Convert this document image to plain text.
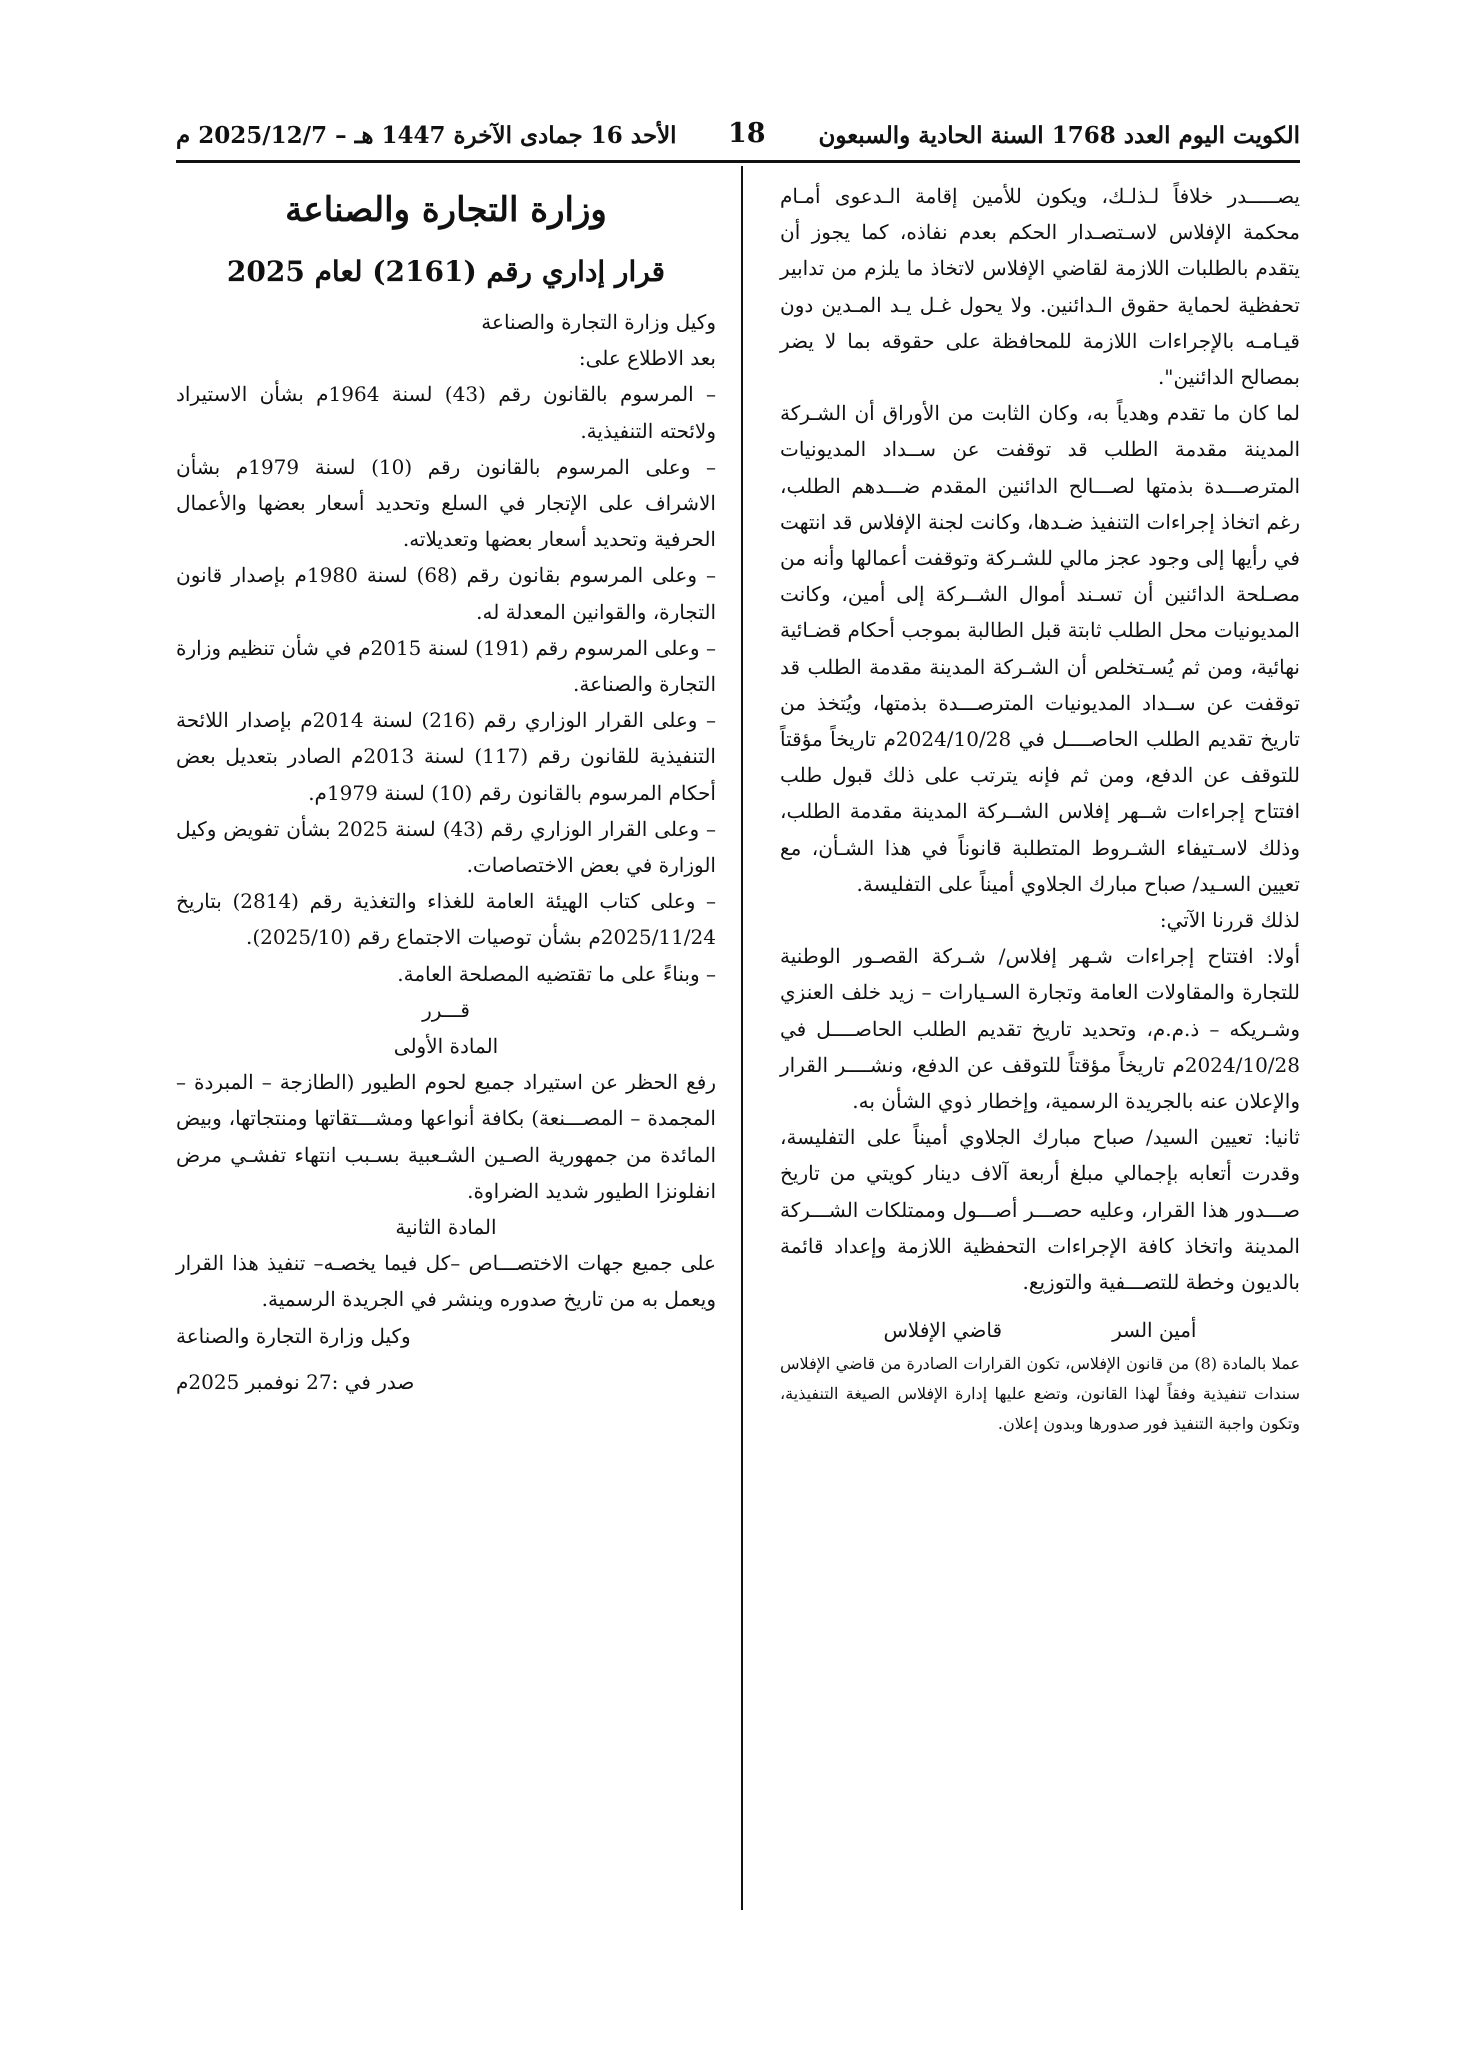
الكويت اليوم العدد 1768 السنة الحادية والسبعون
18
الأحد 16 جمادى الآخرة 1447 هـ – 2025/12/7 م

يصـــــدر خلافاً لـذلـك، ويكون للأمين إقامة الـدعوى أمـام محكمة الإفلاس لاسـتصـدار الحكم بعدم نفاذه، كما يجوز أن يتقدم بالطلبات اللازمة لقاضي الإفلاس لاتخاذ ما يلزم من تدابير تحفظية لحماية حقوق الـدائنين. ولا يحول غـل يـد المـدين دون قيـامـه بالإجراءات اللازمة للمحافظة على حقوقه بما لا يضر بمصالح الدائنين".

لما كان ما تقدم وهدياً به، وكان الثابت من الأوراق أن الشـركة المدينة مقدمة الطلب قد توقفت عن ســداد المديونيات المترصـــدة بذمتها لصـــالح الدائنين المقدم ضـــدهم الطلب، رغم اتخاذ إجراءات التنفيذ ضـدها، وكانت لجنة الإفلاس قد انتهت في رأيها إلى وجود عجز مالي للشـركة وتوقفت أعمالها وأنه من مصـلحة الدائنين أن تسـند أموال الشــركة إلى أمين، وكانت المديونيات محل الطلب ثابتة قبل الطالبة بموجب أحكام قضـائية نهائية، ومن ثم يُسـتخلص أن الشـركة المدينة مقدمة الطلب قد توقفت عن ســداد المديونيات المترصـــدة بذمتها، ويُتخذ من تاريخ تقديم الطلب الحاصــــل في 2024/10/28م تاريخاً مؤقتاً للتوقف عن الدفع، ومن ثم فإنه يترتب على ذلك قبول طلب افتتاح إجراءات شــهر إفلاس الشــركة المدينة مقدمة الطلب، وذلك لاسـتيفاء الشـروط المتطلبة قانوناً في هذا الشـأن، مع تعيين السـيد/ صباح مبارك الجلاوي أميناً على التفليسة.

لذلك قررنا الآتي:

أولا: افتتاح إجراءات شـهر إفلاس/ شـركة القصـور الوطنية للتجارة والمقاولات العامة وتجارة السـيارات – زيد خلف العنزي وشـريكه – ذ.م.م، وتحديد تاريخ تقديم الطلب الحاصــــل في 2024/10/28م تاريخاً مؤقتاً للتوقف عن الدفع، ونشــــر القرار والإعلان عنه بالجريدة الرسمية، وإخطار ذوي الشأن به.

ثانيا: تعيين السيد/ صباح مبارك الجلاوي أميناً على التفليسة، وقدرت أتعابه بإجمالي مبلغ أربعة آلاف دينار كويتي من تاريخ صـــدور هذا القرار، وعليه حصـــر أصـــول وممتلكات الشـــركة المدينة واتخاذ كافة الإجراءات التحفظية اللازمة وإعداد قائمة بالديون وخطة للتصـــفية والتوزيع.

أمين السر
قاضي الإفلاس

عملا بالمادة (8) من قانون الإفلاس، تكون القرارات الصادرة من قاضي الإفلاس سندات تنفيذية وفقاً لهذا القانون، وتضع عليها إدارة الإفلاس الصيغة التنفيذية، وتكون واجبة التنفيذ فور صدورها وبدون إعلان.

وزارة التجارة والصناعة
قرار إداري رقم (2161) لعام 2025

وكيل وزارة التجارة والصناعة

بعد الاطلاع على:

– المرسوم بالقانون رقم (43) لسنة 1964م بشأن الاستيراد ولائحته التنفيذية.

– وعلى المرسوم بالقانون رقم (10) لسنة 1979م بشأن الاشراف على الإتجار في السلع وتحديد أسعار بعضها والأعمال الحرفية وتحديد أسعار بعضها وتعديلاته.

– وعلى المرسوم بقانون رقم (68) لسنة 1980م بإصدار قانون التجارة، والقوانين المعدلة له.

– وعلى المرسوم رقم (191) لسنة 2015م في شأن تنظيم وزارة التجارة والصناعة.

– وعلى القرار الوزاري رقم (216) لسنة 2014م بإصدار اللائحة التنفيذية للقانون رقم (117) لسنة 2013م الصادر بتعديل بعض أحكام المرسوم بالقانون رقم (10) لسنة 1979م.

– وعلى القرار الوزاري رقم (43) لسنة 2025 بشأن تفويض وكيل الوزارة في بعض الاختصاصات.

– وعلى كتاب الهيئة العامة للغذاء والتغذية رقم (2814) بتاريخ 2025/11/24م بشأن توصيات الاجتماع رقم (2025/10).

– وبناءً على ما تقتضيه المصلحة العامة.

قـــرر

المادة الأولى

رفع الحظر عن استيراد جميع لحوم الطيور (الطازجة – المبردة – المجمدة – المصـــنعة) بكافة أنواعها ومشـــتقاتها ومنتجاتها، وبيض المائدة من جمهورية الصـين الشـعبية بسـبب انتهاء تفشـي مرض انفلونزا الطيور شديد الضراوة.

المادة الثانية

على جميع جهات الاختصـــاص –كل فيما يخصـه– تنفيذ هذا القرار ويعمل به من تاريخ صدوره وينشر في الجريدة الرسمية.

وكيل وزارة التجارة والصناعة

صدر في :27 نوفمبر 2025م
